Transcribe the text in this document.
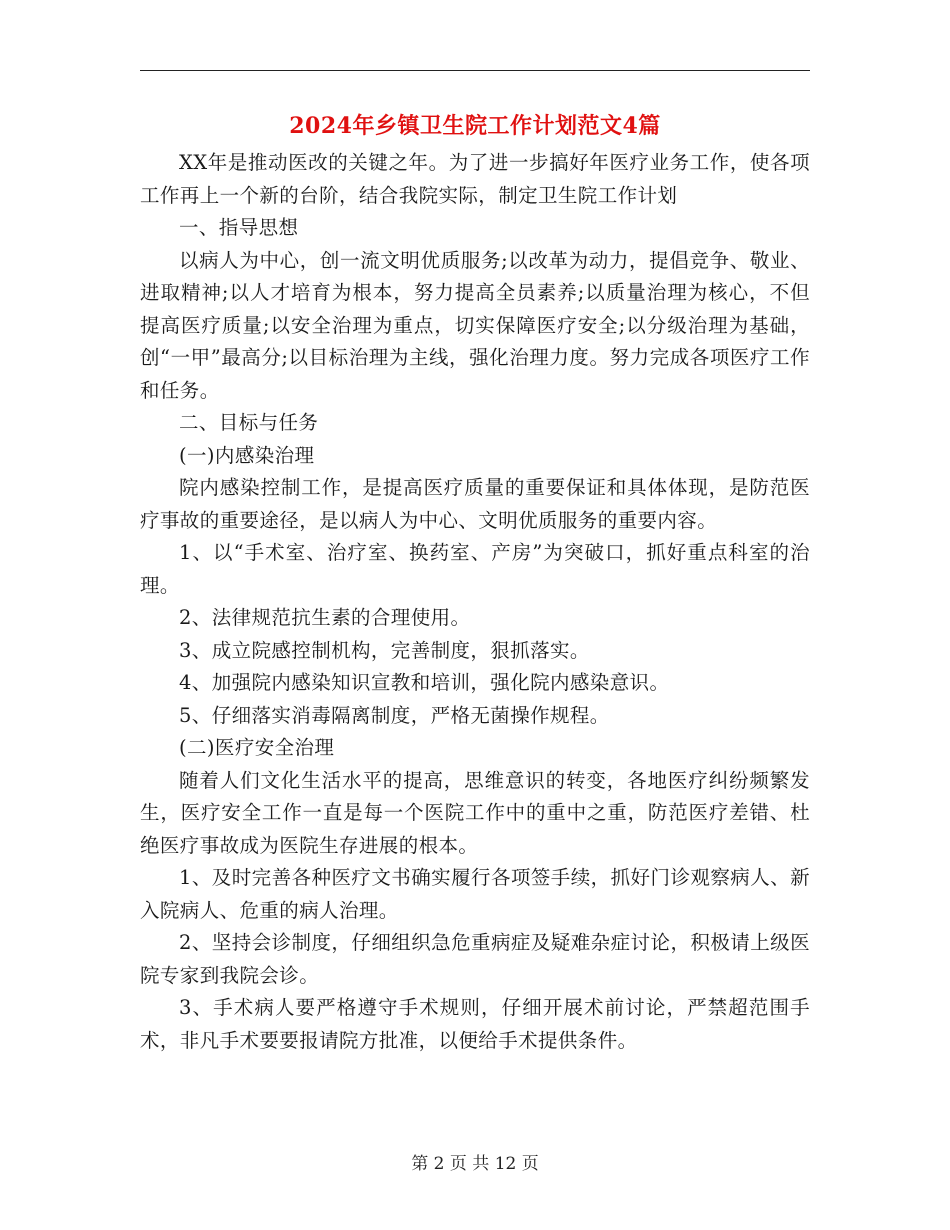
2024年乡镇卫生院工作计划范文4篇

XX年是推动医改的关键之年。为了进一步搞好年医疗业务工作，使各项工作再上一个新的台阶，结合我院实际，制定卫生院工作计划

一、指导思想

以病人为中心，创一流文明优质服务;以改革为动力，提倡竞争、敬业、进取精神;以人才培育为根本，努力提高全员素养;以质量治理为核心，不但提高医疗质量;以安全治理为重点，切实保障医疗安全;以分级治理为基础，创“一甲”最高分;以目标治理为主线，强化治理力度。努力完成各项医疗工作和任务。

二、目标与任务

(一)内感染治理

院内感染控制工作，是提高医疗质量的重要保证和具体体现，是防范医疗事故的重要途径，是以病人为中心、文明优质服务的重要内容。

1、以“手术室、治疗室、换药室、产房”为突破口，抓好重点科室的治理。

2、法律规范抗生素的合理使用。

3、成立院感控制机构，完善制度，狠抓落实。

4、加强院内感染知识宣教和培训，强化院内感染意识。

5、仔细落实消毒隔离制度，严格无菌操作规程。

(二)医疗安全治理

随着人们文化生活水平的提高，思维意识的转变，各地医疗纠纷频繁发生，医疗安全工作一直是每一个医院工作中的重中之重，防范医疗差错、杜绝医疗事故成为医院生存进展的根本。

1、及时完善各种医疗文书确实履行各项签手续，抓好门诊观察病人、新入院病人、危重的病人治理。

2、坚持会诊制度，仔细组织急危重病症及疑难杂症讨论，积极请上级医院专家到我院会诊。

3、手术病人要严格遵守手术规则，仔细开展术前讨论，严禁超范围手术，非凡手术要要报请院方批准，以便给手术提供条件。

第 2 页 共 12 页
